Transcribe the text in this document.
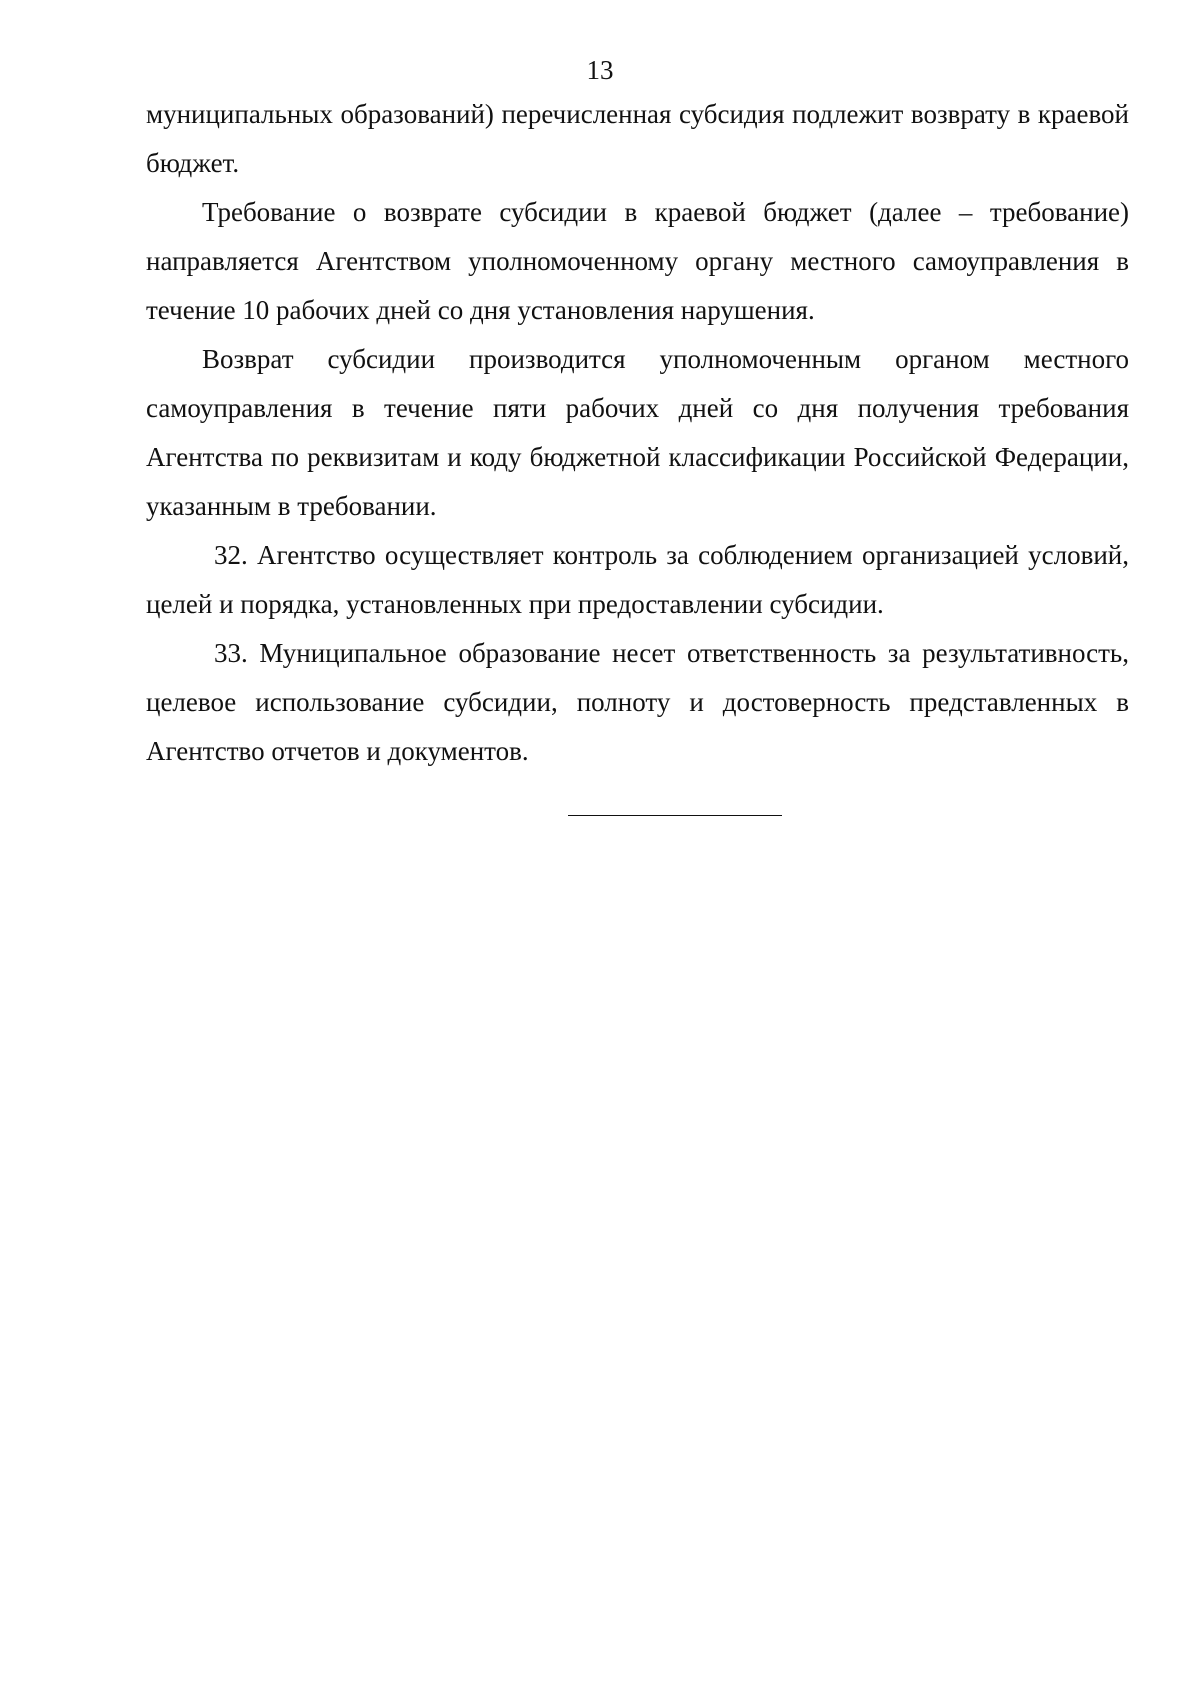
13

муниципальных образований) перечисленная субсидия подлежит возврату в краевой бюджет.

Требование о возврате субсидии в краевой бюджет (далее – требование) направляется Агентством уполномоченному органу местного самоуправления в течение 10 рабочих дней со дня установления нарушения.

Возврат субсидии производится уполномоченным органом местного самоуправления в течение пяти рабочих дней со дня получения требования Агентства по реквизитам и коду бюджетной классификации Российской Федерации, указанным в требовании.

32. Агентство осуществляет контроль за соблюдением организацией условий, целей и порядка, установленных при предоставлении субсидии.

33. Муниципальное образование несет ответственность за результативность, целевое использование субсидии, полноту и достоверность представленных в Агентство отчетов и документов.
